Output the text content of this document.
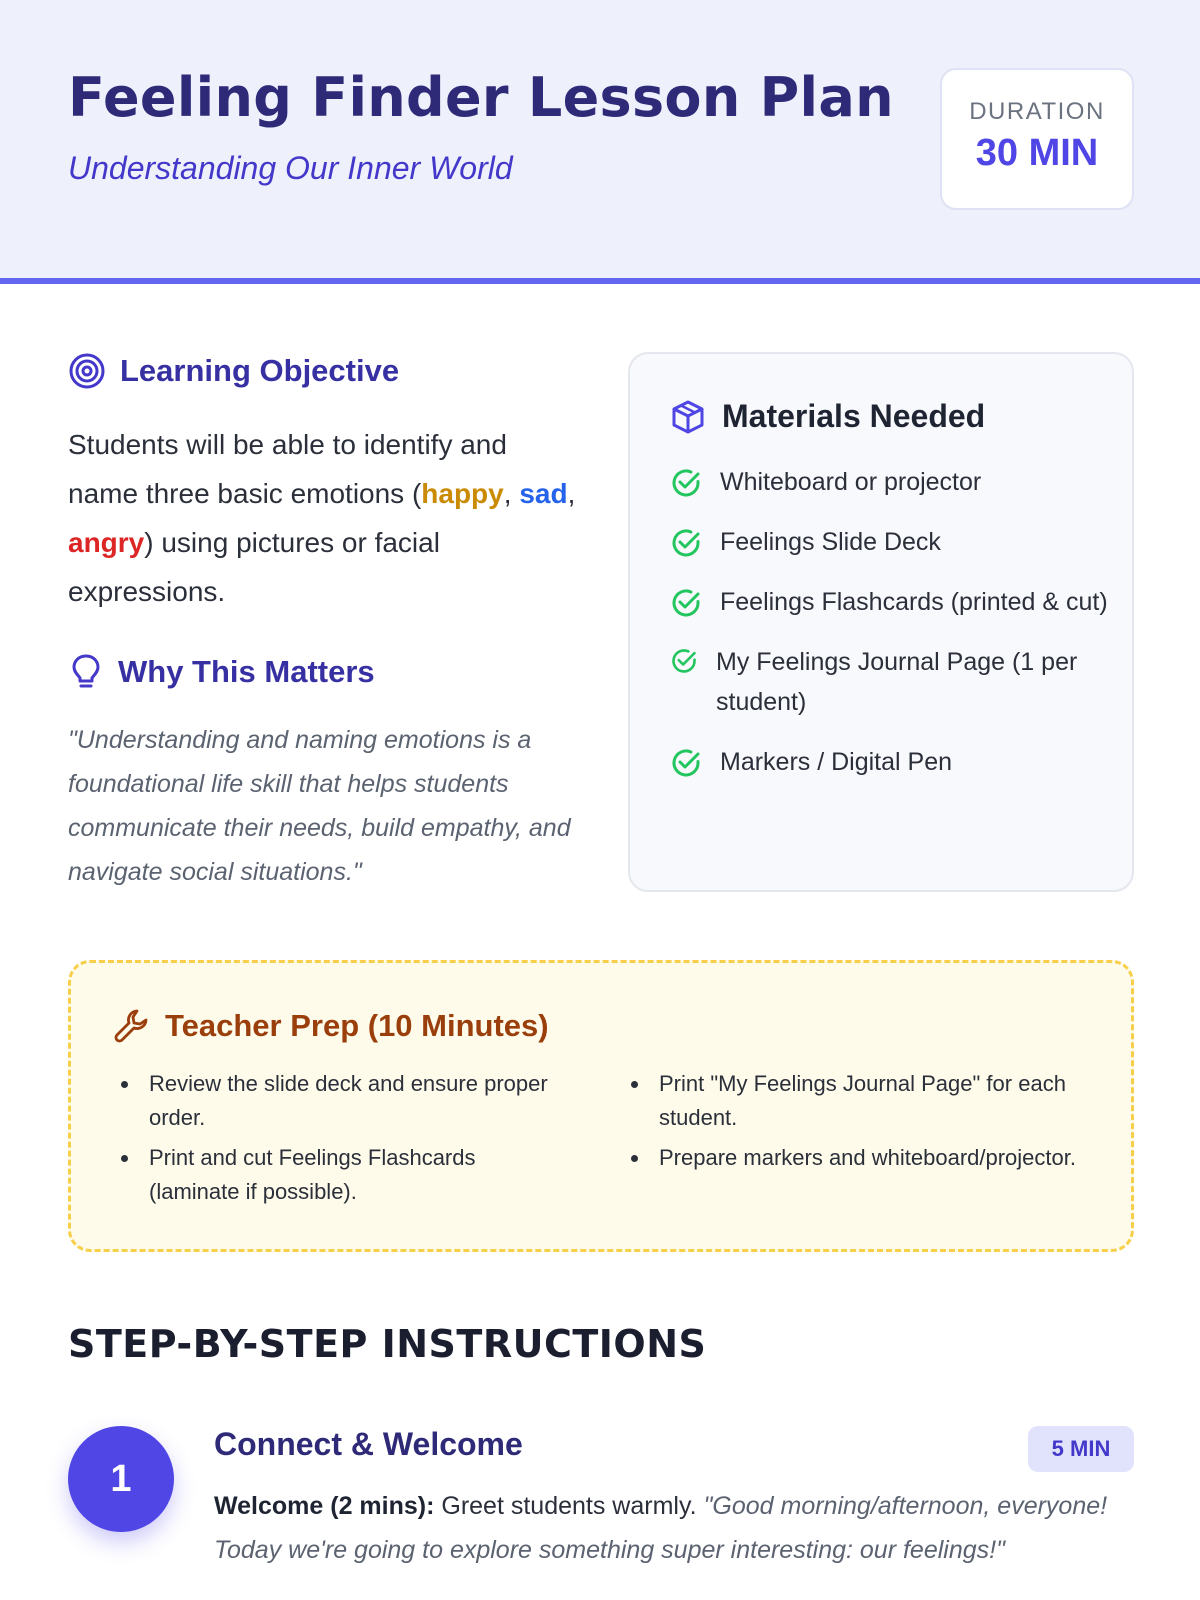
Feeling Finder Lesson Plan
Understanding Our Inner World
DURATION
30 MIN
Learning Objective

Students will be able to identify and name three basic emotions (happy, sad, angry) using pictures or facial expressions.

Why This Matters

"Understanding and naming emotions is a foundational life skill that helps students communicate their needs, build empathy, and navigate social situations."

Materials Needed
Whiteboard or projector
Feelings Slide Deck
Feelings Flashcards (printed & cut)
My Feelings Journal Page (1 per student)
Markers / Digital Pen
Teacher Prep (10 Minutes)
Review the slide deck and ensure proper order.
Print and cut Feelings Flashcards (laminate if possible).
Print "My Feelings Journal Page" for each student.
Prepare markers and whiteboard/projector.
STEP-BY-STEP INSTRUCTIONS
1
Connect & Welcome	5 MIN

Welcome (2 mins): Greet students warmly. "Good morning/afternoon, everyone! Today we're going to explore something super interesting: our feelings!"
